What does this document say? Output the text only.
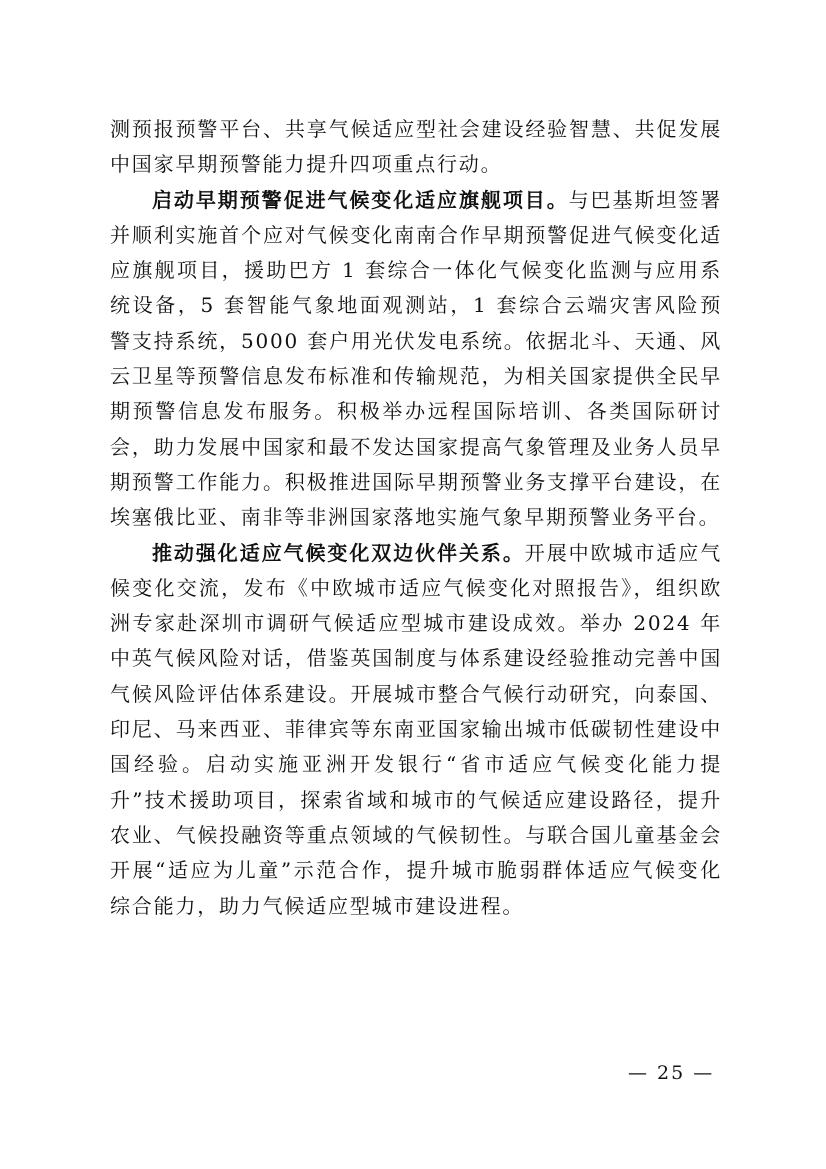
测预报预警平台、共享气候适应型社会建设经验智慧、共促发展中国家早期预警能力提升四项重点行动。

启动早期预警促进气候变化适应旗舰项目。与巴基斯坦签署并顺利实施首个应对气候变化南南合作早期预警促进气候变化适应旗舰项目，援助巴方 1 套综合一体化气候变化监测与应用系统设备，5 套智能气象地面观测站，1 套综合云端灾害风险预警支持系统，5000 套户用光伏发电系统。依据北斗、天通、风云卫星等预警信息发布标准和传输规范，为相关国家提供全民早期预警信息发布服务。积极举办远程国际培训、各类国际研讨会，助力发展中国家和最不发达国家提高气象管理及业务人员早期预警工作能力。积极推进国际早期预警业务支撑平台建设，在埃塞俄比亚、南非等非洲国家落地实施气象早期预警业务平台。

推动强化适应气候变化双边伙伴关系。开展中欧城市适应气候变化交流，发布《中欧城市适应气候变化对照报告》，组织欧洲专家赴深圳市调研气候适应型城市建设成效。举办 2024 年中英气候风险对话，借鉴英国制度与体系建设经验推动完善中国气候风险评估体系建设。开展城市整合气候行动研究，向泰国、印尼、马来西亚、菲律宾等东南亚国家输出城市低碳韧性建设中国经验。启动实施亚洲开发银行“省市适应气候变化能力提升”技术援助项目，探索省域和城市的气候适应建设路径，提升农业、气候投融资等重点领域的气候韧性。与联合国儿童基金会开展“适应为儿童”示范合作，提升城市脆弱群体适应气候变化综合能力，助力气候适应型城市建设进程。

— 25 —
